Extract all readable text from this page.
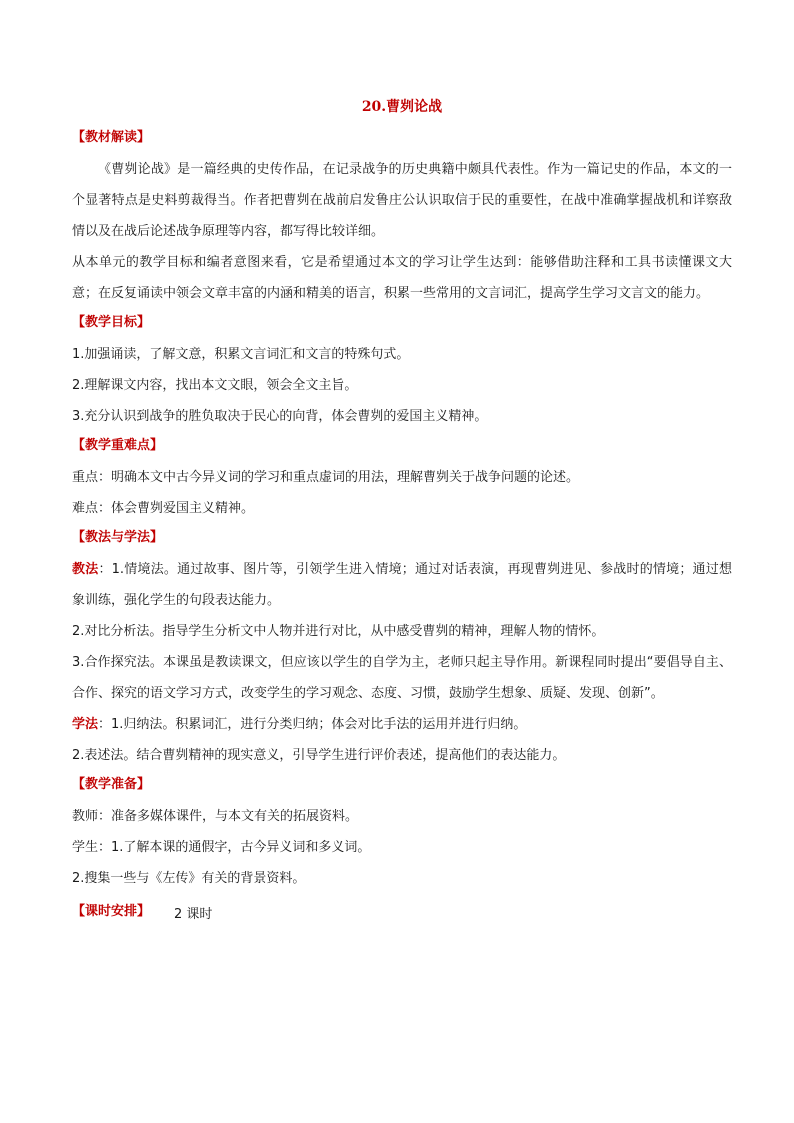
20.曹刿论战
【教材解读】

《曹刿论战》是一篇经典的史传作品，在记录战争的历史典籍中颇具代表性。作为一篇记史的作品，本文的一个显著特点是史料剪裁得当。作者把曹刿在战前启发鲁庄公认识取信于民的重要性，在战中准确掌握战机和详察敌情以及在战后论述战争原理等内容，都写得比较详细。

从本单元的教学目标和编者意图来看，它是希望通过本文的学习让学生达到：能够借助注释和工具书读懂课文大意；在反复诵读中领会文章丰富的内涵和精美的语言，积累一些常用的文言词汇，提高学生学习文言文的能力。

【教学目标】
1.加强诵读，了解文意，积累文言词汇和文言的特殊句式。
2.理解课文内容，找出本文文眼，领会全文主旨。
3.充分认识到战争的胜负取决于民心的向背，体会曹刿的爱国主义精神。
【教学重难点】
重点：明确本文中古今异义词的学习和重点虚词的用法，理解曹刿关于战争问题的论述。
难点：体会曹刿爱国主义精神。
【教法与学法】

教法：1.情境法。通过故事、图片等，引领学生进入情境；通过对话表演，再现曹刿进见、参战时的情境；通过想象训练，强化学生的句段表达能力。

2.对比分析法。指导学生分析文中人物并进行对比，从中感受曹刿的精神，理解人物的情怀。

3.合作探究法。本课虽是教读课文，但应该以学生的自学为主，老师只起主导作用。新课程同时提出“要倡导自主、合作、探究的语文学习方式，改变学生的学习观念、态度、习惯，鼓励学生想象、质疑、发现、创新”。

学法：1.归纳法。积累词汇，进行分类归纳；体会对比手法的运用并进行归纳。

2.表述法。结合曹刿精神的现实意义，引导学生进行评价表述，提高他们的表达能力。

【教学准备】
教师：准备多媒体课件，与本文有关的拓展资料。
学生：1.了解本课的通假字，古今异义词和多义词。
2.搜集一些与《左传》有关的背景资料。
【课时安排】 2 课时
